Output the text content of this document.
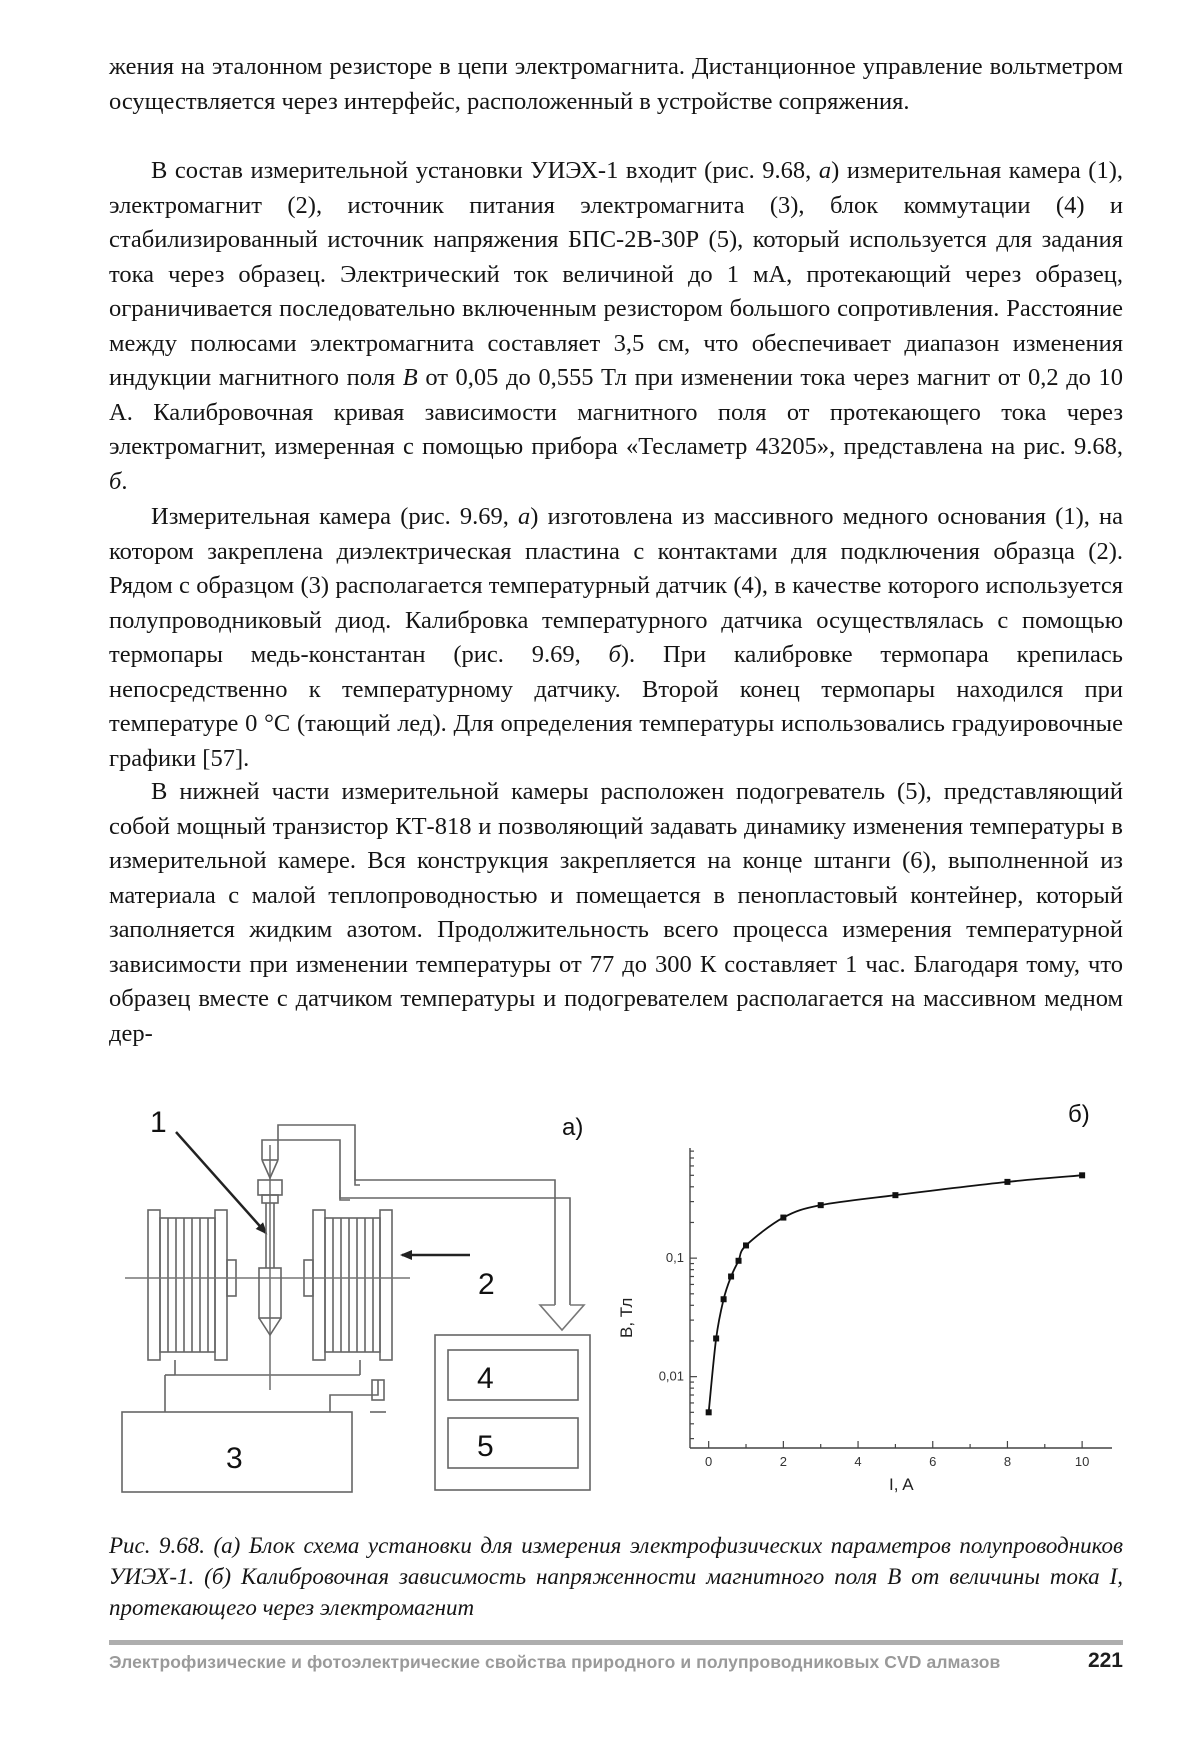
жения на эталонном резисторе в цепи электромагнита. Дистанционное управление вольтметром осуществляется через интерфейс, расположенный в устройстве сопряжения.

В состав измерительной установки УИЭХ-1 входит (рис. 9.68, а) измерительная камера (1), электромагнит (2), источник питания электромагнита (3), блок коммутации (4) и стабилизированный источник напряжения БПС-2В-30Р (5), который используется для задания тока через образец. Электрический ток величиной до 1 мА, протекающий через образец, ограничивается последовательно включенным резистором большого сопротивления. Расстояние между полюсами электромагнита составляет 3,5 см, что обеспечивает диапазон изменения индукции магнитного поля B от 0,05 до 0,555 Тл при изменении тока через магнит от 0,2 до 10 А. Калибровочная кривая зависимости магнитного поля от протекающего тока через электромагнит, измеренная с помощью прибора «Тесламетр 43205», представлена на рис. 9.68, б.

Измерительная камера (рис. 9.69, а) изготовлена из массивного медного основания (1), на котором закреплена диэлектрическая пластина с контактами для подключения образца (2). Рядом с образцом (3) располагается температурный датчик (4), в качестве которого используется полупроводниковый диод. Калибровка температурного датчика осуществлялась с помощью термопары медь-константан (рис. 9.69, б). При калибровке термопара крепилась непосредственно к температурному датчику. Второй конец термопары находился при температуре 0 °С (тающий лед). Для определения температуры использовались градуировочные графики [57].

В нижней части измерительной камеры расположен подогреватель (5), представляющий собой мощный транзистор КТ-818 и позволяющий задавать динамику изменения температуры в измерительной камере. Вся конструкция закрепляется на конце штанги (6), выполненной из материала с малой теплопроводностью и помещается в пенопластовый контейнер, который заполняется жидким азотом. Продолжительность всего процесса измерения температурной зависимости при изменении температуры от 77 до 300 К составляет 1 час. Благодаря тому, что образец вместе с датчиком температуры и подогревателем располагается на массивном медном дер-

1
2
3
4
5
а)	б)
0	2	4	6	8	10
0,01
0,1
I, A
B, Тл

Рис. 9.68. (а) Блок схема установки для измерения электрофизических параметров полупроводников УИЭХ-1. (б) Калибровочная зависимость напряженности магнитного поля B от величины тока I, протекающего через электромагнит

Электрофизические и фотоэлектрические свойства природного и полупроводниковых CVD алмазов	221
